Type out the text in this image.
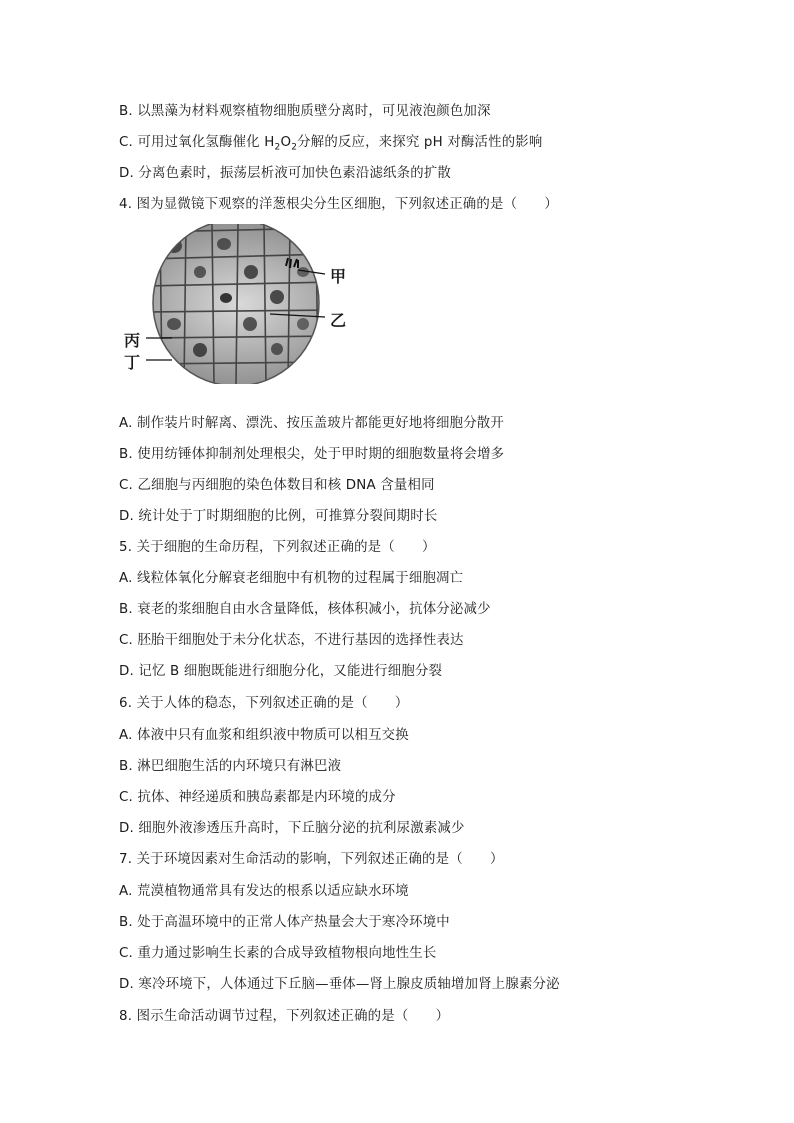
B. 以黑藻为材料观察植物细胞质壁分离时，可见液泡颜色加深
C. 可用过氧化氢酶催化 $H_2O_2$分解的反应，来探究 pH 对酶活性的影响
D. 分离色素时，振荡层析液可加快色素沿滤纸条的扩散
4. 图为显微镜下观察的洋葱根尖分生区细胞，下列叙述正确的是（　　）
甲
乙
丙
丁
A. 制作装片时解离、漂洗、按压盖玻片都能更好地将细胞分散开
B. 使用纺锤体抑制剂处理根尖，处于甲时期的细胞数量将会增多
C. 乙细胞与丙细胞的染色体数目和核 DNA 含量相同
D. 统计处于丁时期细胞的比例，可推算分裂间期时长
5. 关于细胞的生命历程，下列叙述正确的是（　　）
A. 线粒体氧化分解衰老细胞中有机物的过程属于细胞凋亡
B. 衰老的浆细胞自由水含量降低，核体积减小，抗体分泌减少
C. 胚胎干细胞处于未分化状态，不进行基因的选择性表达
D. 记忆 B 细胞既能进行细胞分化，又能进行细胞分裂
6. 关于人体的稳态，下列叙述正确的是（　　）
A. 体液中只有血浆和组织液中物质可以相互交换
B. 淋巴细胞生活的内环境只有淋巴液
C. 抗体、神经递质和胰岛素都是内环境的成分
D. 细胞外液渗透压升高时，下丘脑分泌的抗利尿激素减少
7. 关于环境因素对生命活动的影响，下列叙述正确的是（　　）
A. 荒漠植物通常具有发达的根系以适应缺水环境
B. 处于高温环境中的正常人体产热量会大于寒冷环境中
C. 重力通过影响生长素的合成导致植物根向地性生长
D. 寒冷环境下，人体通过下丘脑—垂体—肾上腺皮质轴增加肾上腺素分泌
8. 图示生命活动调节过程，下列叙述正确的是（　　）
